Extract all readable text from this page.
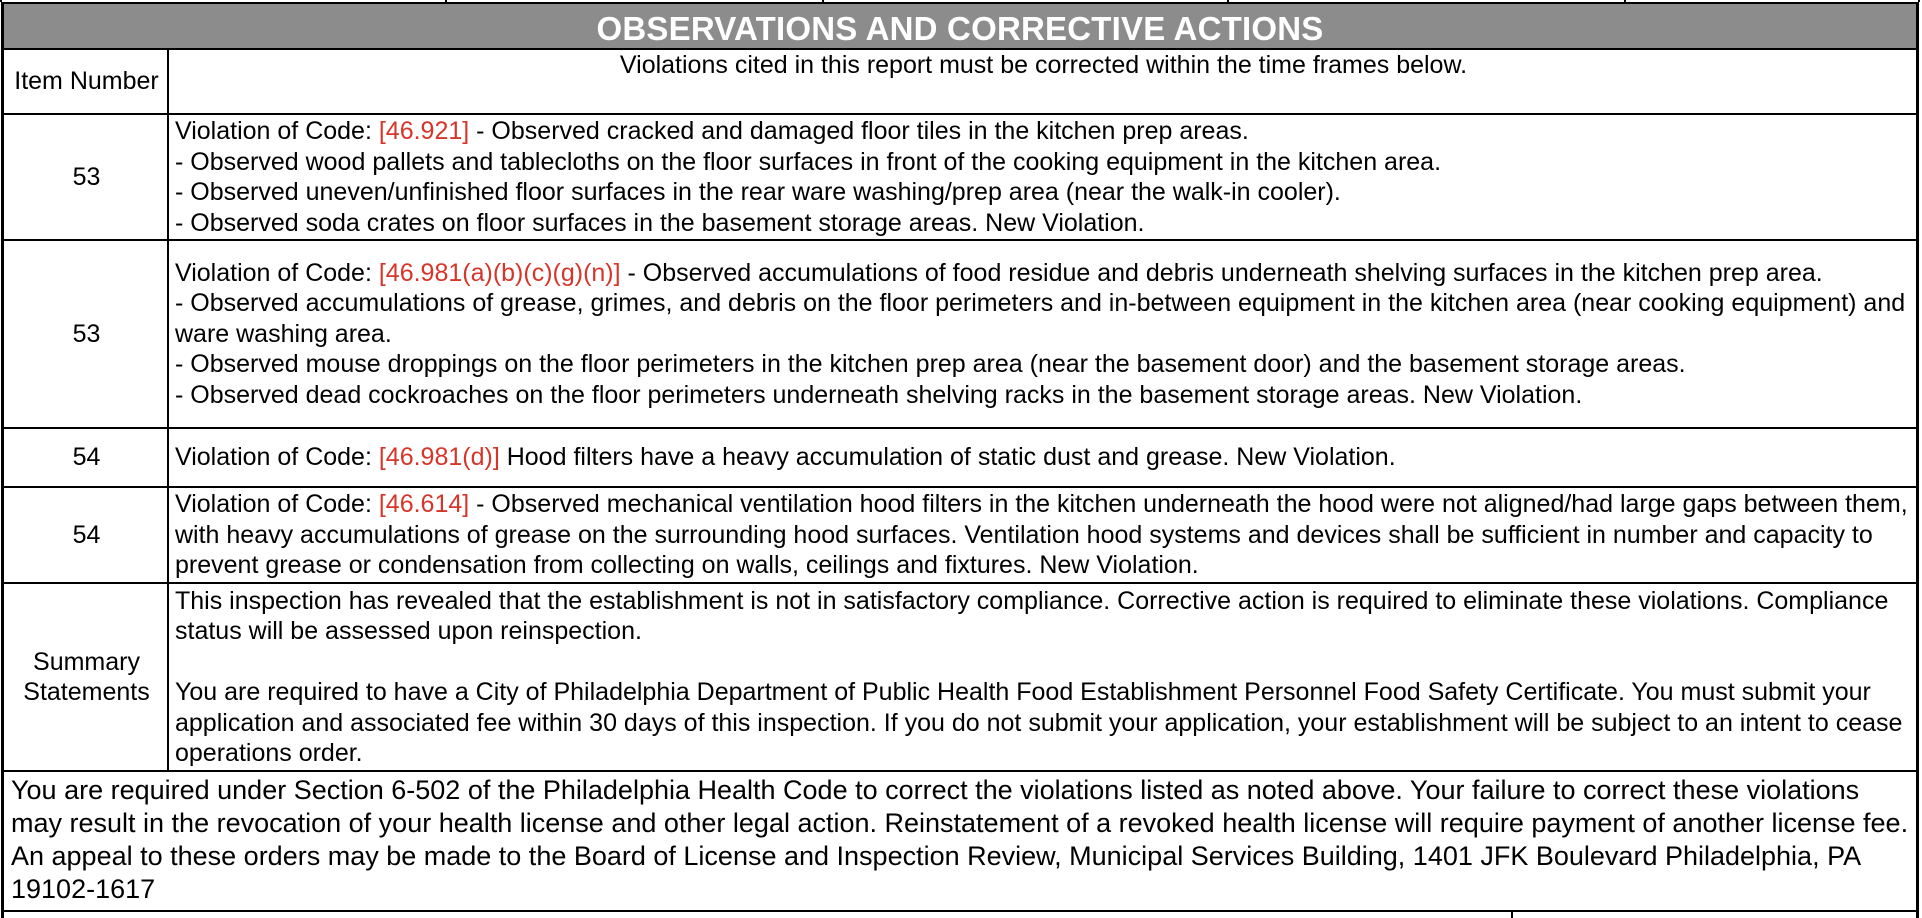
OBSERVATIONS AND CORRECTIVE ACTIONS
Item Number	Violations cited in this report must be corrected within the time frames below.
53	Violation of Code: [46.921] - Observed cracked and damaged floor tiles in the kitchen prep areas.
- Observed wood pallets and tablecloths on the floor surfaces in front of the cooking equipment in the kitchen area.
- Observed uneven/unfinished floor surfaces in the rear ware washing/prep area (near the walk-in cooler).
- Observed soda crates on floor surfaces in the basement storage areas. New Violation.
53	Violation of Code: [46.981(a)(b)(c)(g)(n)] - Observed accumulations of food residue and debris underneath shelving surfaces in the kitchen prep area.
- Observed accumulations of grease, grimes, and debris on the floor perimeters and in-between equipment in the kitchen area (near cooking equipment) and ware washing area.
- Observed mouse droppings on the floor perimeters in the kitchen prep area (near the basement door) and the basement storage areas.
- Observed dead cockroaches on the floor perimeters underneath shelving racks in the basement storage areas. New Violation.
54	Violation of Code: [46.981(d)] Hood filters have a heavy accumulation of static dust and grease. New Violation.
54	Violation of Code: [46.614] - Observed mechanical ventilation hood filters in the kitchen underneath the hood were not aligned/had large gaps between them, with heavy accumulations of grease on the surrounding hood surfaces. Ventilation hood systems and devices shall be sufficient in number and capacity to prevent grease or condensation from collecting on walls, ceilings and fixtures. New Violation.
Summary Statements	This inspection has revealed that the establishment is not in satisfactory compliance. Corrective action is required to eliminate these violations. Compliance status will be assessed upon reinspection.
You are required to have a City of Philadelphia Department of Public Health Food Establishment Personnel Food Safety Certificate. You must submit your application and associated fee within 30 days of this inspection. If you do not submit your application, your establishment will be subject to an intent to cease operations order.
You are required under Section 6-502 of the Philadelphia Health Code to correct the violations listed as noted above. Your failure to correct these violations may result in the revocation of your health license and other legal action. Reinstatement of a revoked health license will require payment of another license fee. An appeal to these orders may be made to the Board of License and Inspection Review, Municipal Services Building, 1401 JFK Boulevard Philadelphia, PA 19102-1617
